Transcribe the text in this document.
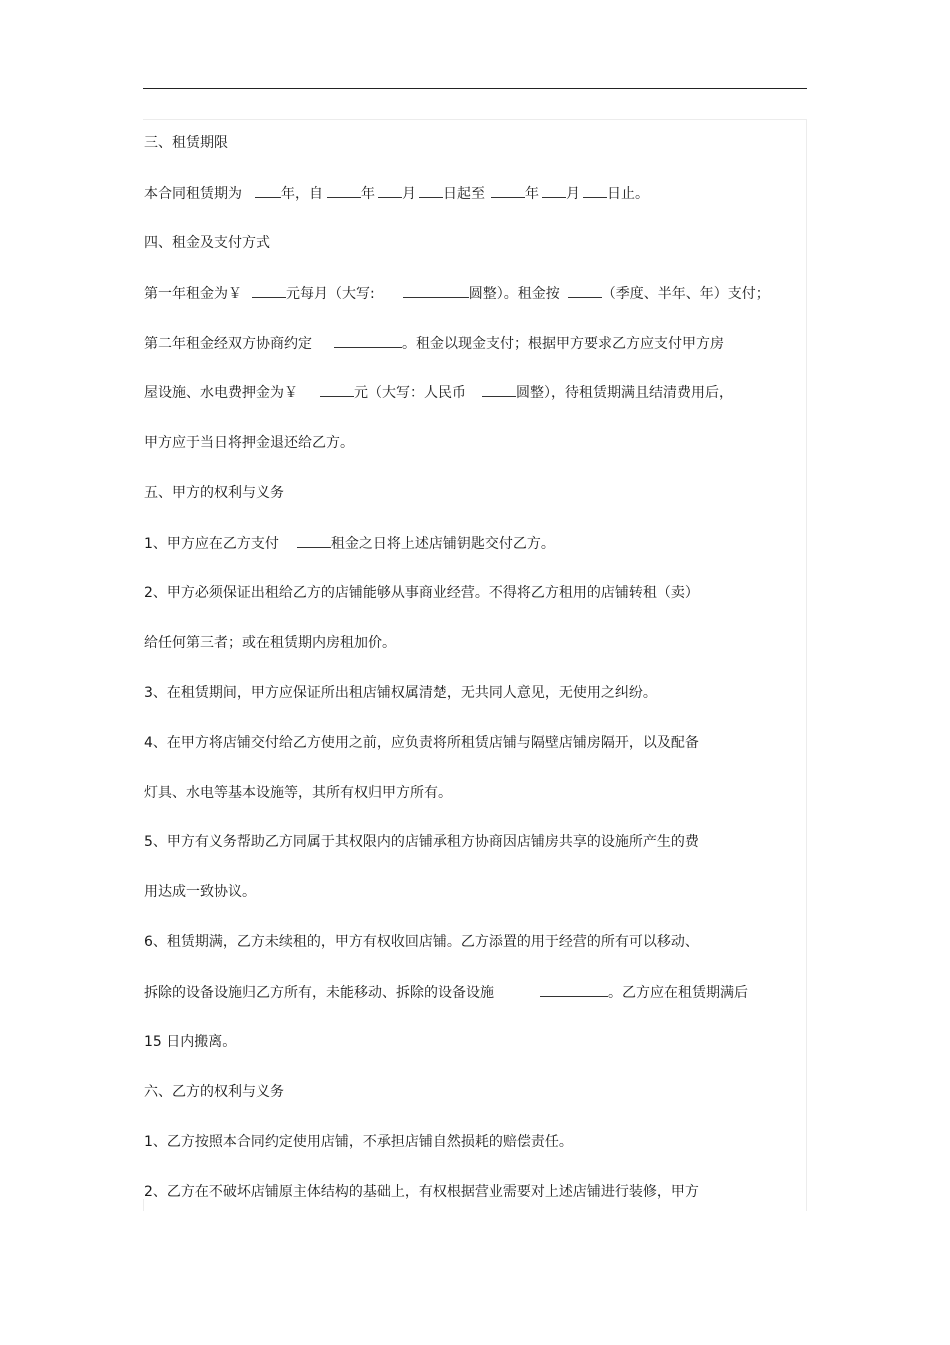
三、租赁期限
本合同租赁期为	年，自	年 月 日起至	年 月 日止。
四、租金及支付方式
第一年租金为￥	元每月（大写:	圆整）。租金按	（季度、半年、年）支付；
第二年租金经双方协商约定	。租金以现金支付；根据甲方要求乙方应支付甲方房
屋设施、水电费押金为￥	元（大写：人民币	圆整），待租赁期满且结清费用后，
甲方应于当日将押金退还给乙方。
五、甲方的权利与义务
1、甲方应在乙方支付	租金之日将上述店铺钥匙交付乙方。
2、甲方必须保证出租给乙方的店铺能够从事商业经营。不得将乙方租用的店铺转租（卖）
给任何第三者；或在租赁期内房租加价。
3、在租赁期间，甲方应保证所出租店铺权属清楚，无共同人意见，无使用之纠纷。
4、在甲方将店铺交付给乙方使用之前，应负责将所租赁店铺与隔壁店铺房隔开，以及配备
灯具、水电等基本设施等，其所有权归甲方所有。
5、甲方有义务帮助乙方同属于其权限内的店铺承租方协商因店铺房共享的设施所产生的费
用达成一致协议。
6、租赁期满，乙方未续租的，甲方有权收回店铺。乙方添置的用于经营的所有可以移动、
拆除的设备设施归乙方所有，未能移动、拆除的设备设施	。乙方应在租赁期满后
15 日内搬离。
六、乙方的权利与义务
1、乙方按照本合同约定使用店铺，不承担店铺自然损耗的赔偿责任。
2、乙方在不破坏店铺原主体结构的基础上，有权根据营业需要对上述店铺进行装修，甲方
